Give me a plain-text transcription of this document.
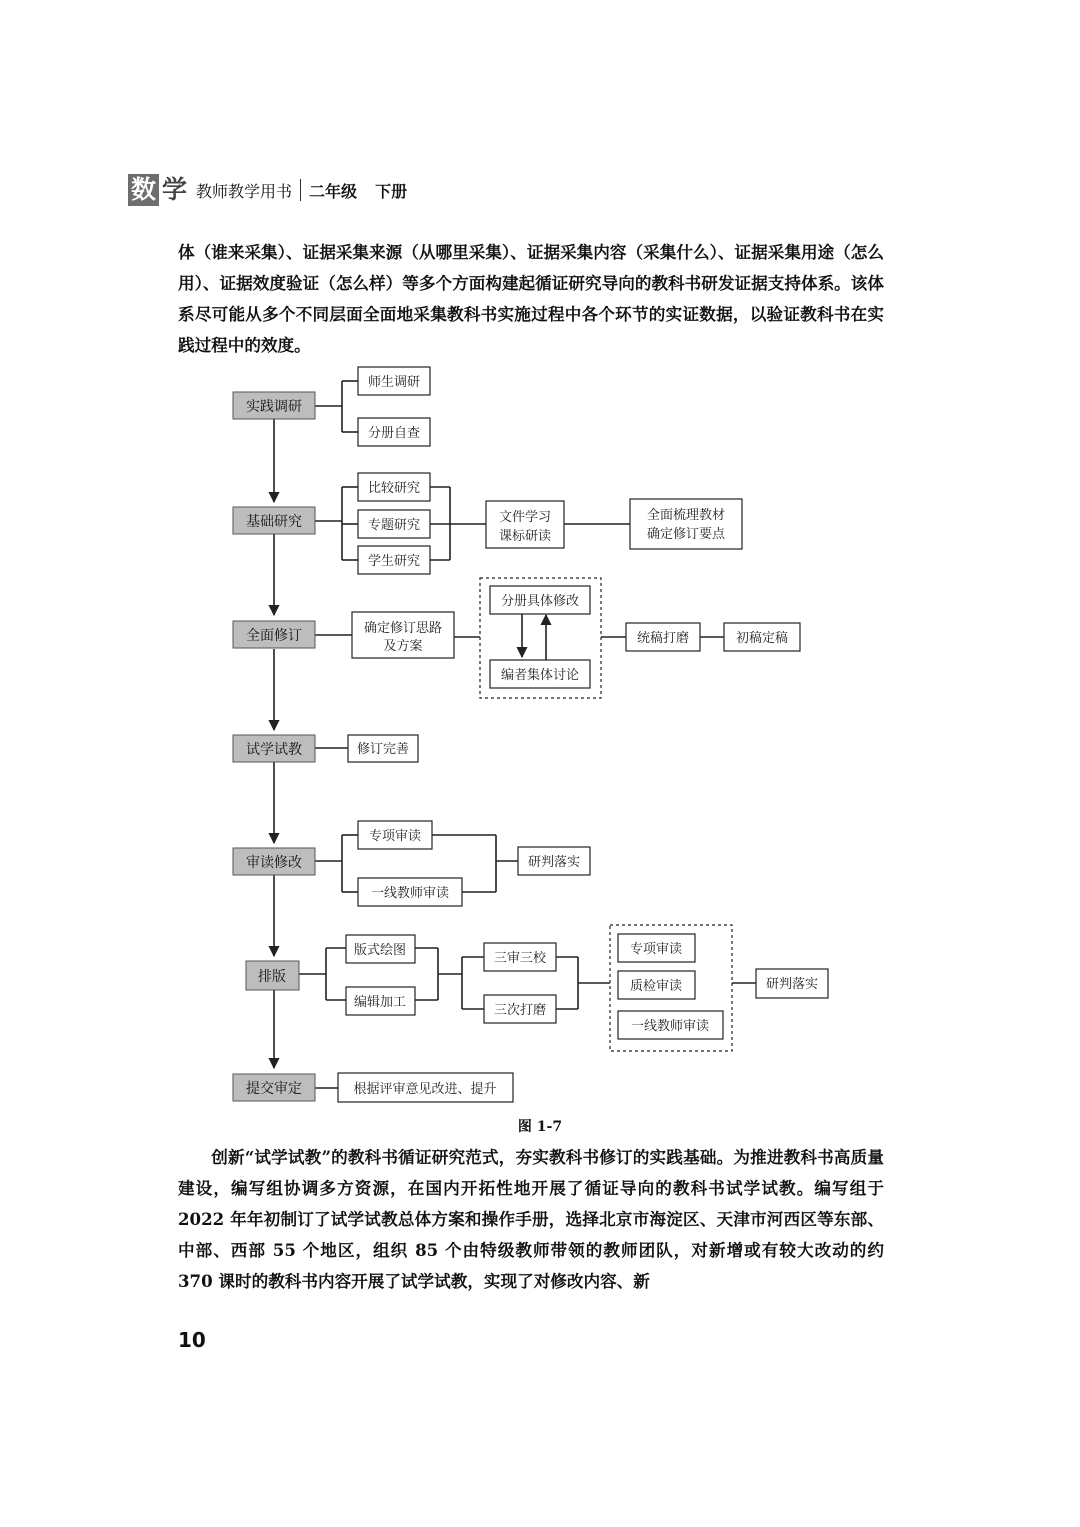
数 学 教师教学用书 二年级 下册

体（谁来采集）、证据采集来源（从哪里采集）、证据采集内容（采集什么）、证据采集用途（怎么用）、证据效度验证（怎么样）等多个方面构建起循证研究导向的教科书研发证据支持体系。该体系尽可能从多个不同层面全面地采集教科书实施过程中各个环节的实证数据，以验证教科书在实践过程中的效度。

实践调研
基础研究
全面修订
试学试教
审读修改
排版
提交审定
师生调研
分册自查
比较研究
专题研究
学生研究
文件学习
课标研读
全面梳理教材
确定修订要点
确定修订思路
及方案
分册具体修改
编者集体讨论
统稿打磨	初稿定稿
修订完善
专项审读
一线教师审读
研判落实
版式绘图
编辑加工
三审三校
三次打磨
专项审读
质检审读
一线教师审读
研判落实
根据评审意见改进、提升
图 1-7

创新“试学试教”的教科书循证研究范式，夯实教科书修订的实践基础。为推进教科书高质量建设，编写组协调多方资源，在国内开拓性地开展了循证导向的教科书试学试教。编写组于 2022 年年初制订了试学试教总体方案和操作手册，选择北京市海淀区、天津市河西区等东部、中部、西部 55 个地区，组织 85 个由特级教师带领的教师团队，对新增或有较大改动的约 370 课时的教科书内容开展了试学试教，实现了对修改内容、新

10
